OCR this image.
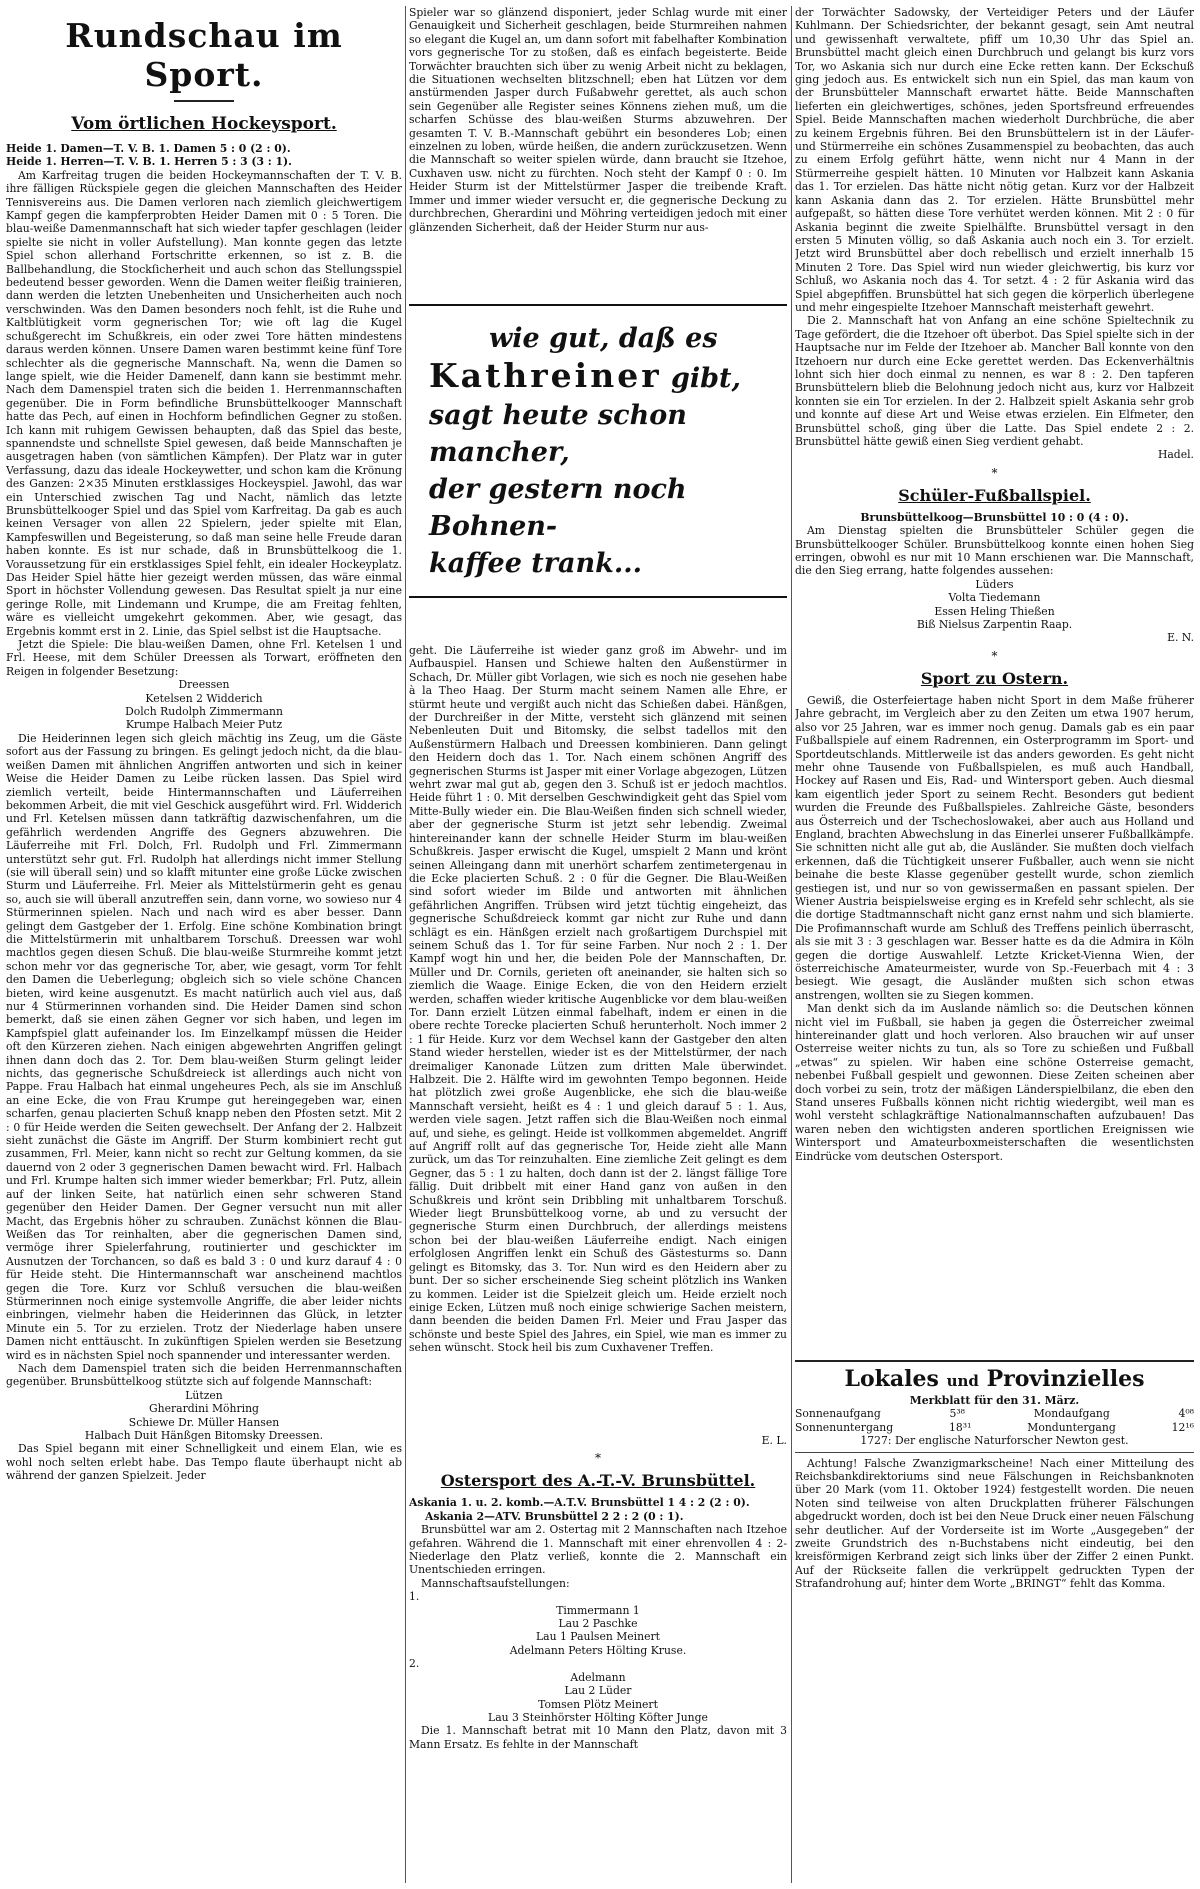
Rundschau im Sport.
Vom örtlichen Hockeysport.
Heide 1. Damen—T. V. B. 1. Damen 5 : 0 (2 : 0).
Heide 1. Herren—T. V. B. 1. Herren 5 : 3 (3 : 1).

Am Karfreitag trugen die beiden Hockeymannschaften der T. V. B. ihre fälligen Rückspiele gegen die gleichen Mannschaften des Heider Tennisvereins aus. Die Damen verloren nach ziemlich gleichwertigem Kampf gegen die kampferprobten Heider Damen mit 0 : 5 Toren. Die blau-weiße Damenmannschaft hat sich wieder tapfer geschlagen (leider spielte sie nicht in voller Aufstellung). Man konnte gegen das letzte Spiel schon allerhand Fortschritte erkennen, so ist z. B. die Ballbehandlung, die Stockſicherheit und auch schon das Stellungsspiel bedeutend besser geworden. Wenn die Damen weiter fleißig trainieren, dann werden die letzten Unebenheiten und Unsicherheiten auch noch verschwinden. Was den Damen besonders noch fehlt, ist die Ruhe und Kaltblütigkeit vorm gegnerischen Tor; wie oft lag die Kugel schußgerecht im Schußkreis, ein oder zwei Tore hätten mindestens daraus werden können. Unsere Damen waren bestimmt keine fünf Tore schlechter als die gegnerische Mannschaft. Na, wenn die Damen so lange spielt, wie die Heider Damenelf, dann kann sie bestimmt mehr. Nach dem Damenspiel traten sich die beiden 1. Herrenmannschaften gegenüber. Die in Form befindliche Brunsbüttelkooger Mannschaft hatte das Pech, auf einen in Hochform befindlichen Gegner zu stoßen. Ich kann mit ruhigem Gewissen behaupten, daß das Spiel das beste, spannendste und schnellste Spiel gewesen, daß beide Mannschaften je ausgetragen haben (von sämtlichen Kämpfen). Der Platz war in guter Verfassung, dazu das ideale Hockeywetter, und schon kam die Krönung des Ganzen: 2×35 Minuten erstklassiges Hockeyspiel. Jawohl, das war ein Unterschied zwischen Tag und Nacht, nämlich das letzte Brunsbüttelkooger Spiel und das Spiel vom Karfreitag. Da gab es auch keinen Versager von allen 22 Spielern, jeder spielte mit Elan, Kampfeswillen und Begeisterung, so daß man seine helle Freude daran haben konnte. Es ist nur schade, daß in Brunsbüttelkoog die 1. Voraussetzung für ein erstklassiges Spiel fehlt, ein idealer Hockeyplatz. Das Heider Spiel hätte hier gezeigt werden müssen, das wäre einmal Sport in höchster Vollendung gewesen. Das Resultat spielt ja nur eine geringe Rolle, mit Lindemann und Krumpe, die am Freitag fehlten, wäre es vielleicht umgekehrt gekommen. Aber, wie gesagt, das Ergebnis kommt erst in 2. Linie, das Spiel selbst ist die Hauptsache.

Jetzt die Spiele: Die blau-weißen Damen, ohne Frl. Ketelsen 1 und Frl. Heese, mit dem Schüler Dreessen als Torwart, eröffneten den Reigen in folgender Besetzung:

Dreessen
Ketelsen 2 Widderich
Dolch Rudolph Zimmermann
Krumpe Halbach Meier Putz

Die Heiderinnen legen sich gleich mächtig ins Zeug, um die Gäste sofort aus der Fassung zu bringen. Es gelingt jedoch nicht, da die blau-weißen Damen mit ähnlichen Angriffen antworten und sich in keiner Weise die Heider Damen zu Leibe rücken lassen. Das Spiel wird ziemlich verteilt, beide Hintermannschaften und Läuferreihen bekommen Arbeit, die mit viel Geschick ausgeführt wird. Frl. Widderich und Frl. Ketelsen müssen dann tatkräftig dazwischenfahren, um die gefährlich werdenden Angriffe des Gegners abzuwehren. Die Läuferreihe mit Frl. Dolch, Frl. Rudolph und Frl. Zimmermann unterstützt sehr gut. Frl. Rudolph hat allerdings nicht immer Stellung (sie will überall sein) und so klafft mitunter eine große Lücke zwischen Sturm und Läuferreihe. Frl. Meier als Mittelstürmerin geht es genau so, auch sie will überall anzutreffen sein, dann vorne, wo sowieso nur 4 Stürmerinnen spielen. Nach und nach wird es aber besser. Dann gelingt dem Gastgeber der 1. Erfolg. Eine schöne Kombination bringt die Mittelstürmerin mit unhaltbarem Torschuß. Dreessen war wohl machtlos gegen diesen Schuß. Die blau-weiße Sturmreihe kommt jetzt schon mehr vor das gegnerische Tor, aber, wie gesagt, vorm Tor fehlt den Damen die Ueberlegung; obgleich sich so viele schöne Chancen bieten, wird keine ausgenutzt. Es macht natürlich auch viel aus, daß nur 4 Stürmerinnen vorhanden sind. Die Heider Damen sind schon bemerkt, daß sie einen zähen Gegner vor sich haben, und legen im Kampfspiel glatt aufeinander los. Im Einzelkampf müssen die Heider oft den Kürzeren ziehen. Nach einigen abgewehrten Angriffen gelingt ihnen dann doch das 2. Tor. Dem blau-weißen Sturm gelingt leider nichts, das gegnerische Schußdreieck ist allerdings auch nicht von Pappe. Frau Halbach hat einmal ungeheures Pech, als sie im Anschluß an eine Ecke, die von Frau Krumpe gut hereingegeben war, einen scharfen, genau placierten Schuß knapp neben den Pfosten setzt. Mit 2 : 0 für Heide werden die Seiten gewechselt. Der Anfang der 2. Halbzeit sieht zunächst die Gäste im Angriff. Der Sturm kombiniert recht gut zusammen, Frl. Meier, kann nicht so recht zur Geltung kommen, da sie dauernd von 2 oder 3 gegnerischen Damen bewacht wird. Frl. Halbach und Frl. Krumpe halten sich immer wieder bemerkbar; Frl. Putz, allein auf der linken Seite, hat natürlich einen sehr schweren Stand gegenüber den Heider Damen. Der Gegner versucht nun mit aller Macht, das Ergebnis höher zu schrauben. Zunächst können die Blau-Weißen das Tor reinhalten, aber die gegnerischen Damen sind, vermöge ihrer Spielerfahrung, routinierter und geschickter im Ausnutzen der Torchancen, so daß es bald 3 : 0 und kurz darauf 4 : 0 für Heide steht. Die Hintermannschaft war anscheinend machtlos gegen die Tore. Kurz vor Schluß versuchen die blau-weißen Stürmerinnen noch einige systemvolle Angriffe, die aber leider nichts einbringen, vielmehr haben die Heiderinnen das Glück, in letzter Minute ein 5. Tor zu erzielen. Trotz der Niederlage haben unsere Damen nicht enttäuscht. In zukünftigen Spielen werden sie Besetzung wird es in nächsten Spiel noch spannender und interessanter werden.

Nach dem Damenspiel traten sich die beiden Herrenmannschaften gegenüber. Brunsbüttelkoog stützte sich auf folgende Mannschaft:

Lützen
Gherardini Möhring
Schiewe Dr. Müller Hansen
Halbach Duit Hänßgen Bitomsky Dreessen.

Das Spiel begann mit einer Schnelligkeit und einem Elan, wie es wohl noch selten erlebt habe. Das Tempo flaute überhaupt nicht ab während der ganzen Spielzeit. Jeder

Spieler war so glänzend disponiert, jeder Schlag wurde mit einer Genauigkeit und Sicherheit geschlagen, beide Sturmreihen nahmen so elegant die Kugel an, um dann sofort mit fabelhafter Kombination vors gegnerische Tor zu stoßen, daß es einfach begeisterte. Beide Torwächter brauchten sich über zu wenig Arbeit nicht zu beklagen, die Situationen wechselten blitzschnell; eben hat Lützen vor dem anstürmenden Jasper durch Fußabwehr gerettet, als auch schon sein Gegenüber alle Register seines Könnens ziehen muß, um die scharfen Schüsse des blau-weißen Sturms abzuwehren. Der gesamten T. V. B.-Mannschaft gebührt ein besonderes Lob; einen einzelnen zu loben, würde heißen, die andern zurückzusetzen. Wenn die Mannschaft so weiter spielen würde, dann braucht sie Itzehoe, Cuxhaven usw. nicht zu fürchten. Noch steht der Kampf 0 : 0. Im Heider Sturm ist der Mittelstürmer Jasper die treibende Kraft. Immer und immer wieder versucht er, die gegnerische Deckung zu durchbrechen, Gherardini und Möhring verteidigen jedoch mit einer glänzenden Sicherheit, daß der Heider Sturm nur aus-

wie gut, daß es
Kathreiner gibt,
sagt heute schon mancher,
der gestern noch Bohnen-
kaffee trank...

geht. Die Läuferreihe ist wieder ganz groß im Abwehr- und im Aufbauspiel. Hansen und Schiewe halten den Außenstürmer in Schach, Dr. Müller gibt Vorlagen, wie sich es noch nie gesehen habe à la Theo Haag. Der Sturm macht seinem Namen alle Ehre, er stürmt heute und vergißt auch nicht das Schießen dabei. Hänßgen, der Durchreißer in der Mitte, versteht sich glänzend mit seinen Nebenleuten Duit und Bitomsky, die selbst tadellos mit den Außenstürmern Halbach und Dreessen kombinieren. Dann gelingt den Heidern doch das 1. Tor. Nach einem schönen Angriff des gegnerischen Sturms ist Jasper mit einer Vorlage abgezogen, Lützen wehrt zwar mal gut ab, gegen den 3. Schuß ist er jedoch machtlos. Heide führt 1 : 0. Mit derselben Geschwindigkeit geht das Spiel vom Mitte-Bully wieder ein. Die Blau-Weißen finden sich schnell wieder, aber der gegnerische Sturm ist jetzt sehr lebendig. Zweimal hintereinander kann der schnelle Heider Sturm im blau-weißen Schußkreis. Jasper erwischt die Kugel, umspielt 2 Mann und krönt seinen Alleingang dann mit unerhört scharfem zentimetergenau in die Ecke placierten Schuß. 2 : 0 für die Gegner. Die Blau-Weißen sind sofort wieder im Bilde und antworten mit ähnlichen gefährlichen Angriffen. Trübsen wird jetzt tüchtig eingeheizt, das gegnerische Schußdreieck kommt gar nicht zur Ruhe und dann schlägt es ein. Hänßgen erzielt nach großartigem Durchspiel mit seinem Schuß das 1. Tor für seine Farben. Nur noch 2 : 1. Der Kampf wogt hin und her, die beiden Pole der Mannschaften, Dr. Müller und Dr. Cornils, gerieten oft aneinander, sie halten sich so ziemlich die Waage. Einige Ecken, die von den Heidern erzielt werden, schaffen wieder kritische Augenblicke vor dem blau-weißen Tor. Dann erzielt Lützen einmal fabelhaft, indem er einen in die obere rechte Torecke placierten Schuß herunterholt. Noch immer 2 : 1 für Heide. Kurz vor dem Wechsel kann der Gastgeber den alten Stand wieder herstellen, wieder ist es der Mittelstürmer, der nach dreimaliger Kanonade Lützen zum dritten Male überwindet. Halbzeit. Die 2. Hälfte wird im gewohnten Tempo begonnen. Heide hat plötzlich zwei große Augenblicke, ehe sich die blau-weiße Mannschaft versieht, heißt es 4 : 1 und gleich darauf 5 : 1. Aus, werden viele sagen. Jetzt raffen sich die Blau-Weißen noch einmal auf, und siehe, es gelingt. Heide ist vollkommen abgemeldet. Angriff auf Angriff rollt auf das gegnerische Tor, Heide zieht alle Mann zurück, um das Tor reinzuhalten. Eine ziemliche Zeit gelingt es dem Gegner, das 5 : 1 zu halten, doch dann ist der 2. längst fällige Tore fällig. Duit dribbelt mit einer Hand ganz von außen in den Schußkreis und krönt sein Dribbling mit unhaltbarem Torschuß. Wieder liegt Brunsbüttelkoog vorne, ab und zu versucht der gegnerische Sturm einen Durchbruch, der allerdings meistens schon bei der blau-weißen Läuferreihe endigt. Nach einigen erfolglosen Angriffen lenkt ein Schuß des Gästesturms so. Dann gelingt es Bitomsky, das 3. Tor. Nun wird es den Heidern aber zu bunt. Der so sicher erscheinende Sieg scheint plötzlich ins Wanken zu kommen. Leider ist die Spielzeit gleich um. Heide erzielt noch einige Ecken, Lützen muß noch einige schwierige Sachen meistern, dann beenden die beiden Damen Frl. Meier und Frau Jasper das schönste und beste Spiel des Jahres, ein Spiel, wie man es immer zu sehen wünscht. Stock heil bis zum Cuxhavener Treffen.

E. L.
*
Ostersport des A.-T.-V. Brunsbüttel.
Askania 1. u. 2. komb.—A.T.V. Brunsbüttel 1 4 : 2 (2 : 0).
Askania 2—ATV. Brunsbüttel 2 2 : 2 (0 : 1).

Brunsbüttel war am 2. Ostertag mit 2 Mannschaften nach Itzehoe gefahren. Während die 1. Mannschaft mit einer ehrenvollen 4 : 2-Niederlage den Platz verließ, konnte die 2. Mannschaft ein Unentschieden erringen.

Mannschaftsaufstellungen:

1.
Timmermann 1
Lau 2 Paschke
Lau 1 Paulsen Meinert
Adelmann Peters Hölting Kruse.
2.
Adelmann
Lau 2 Lüder
Tomsen Plötz Meinert
Lau 3 Steinhörster Hölting Köfter Junge

Die 1. Mannschaft betrat mit 10 Mann den Platz, davon mit 3 Mann Ersatz. Es fehlte in der Mannschaft

der Torwächter Sadowsky, der Verteidiger Peters und der Läufer Kuhlmann. Der Schiedsrichter, der bekannt gesagt, sein Amt neutral und gewissenhaft verwaltete, pfiff um 10,30 Uhr das Spiel an. Brunsbüttel macht gleich einen Durchbruch und gelangt bis kurz vors Tor, wo Askania sich nur durch eine Ecke retten kann. Der Eckschuß ging jedoch aus. Es entwickelt sich nun ein Spiel, das man kaum von der Brunsbütteler Mannschaft erwartet hätte. Beide Mannschaften lieferten ein gleichwertiges, schönes, jeden Sportsfreund erfreuendes Spiel. Beide Mannschaften machen wiederholt Durchbrüche, die aber zu keinem Ergebnis führen. Bei den Brunsbüttelern ist in der Läufer- und Stürmerreihe ein schönes Zusammenspiel zu beobachten, das auch zu einem Erfolg geführt hätte, wenn nicht nur 4 Mann in der Stürmerreihe gespielt hätten. 10 Minuten vor Halbzeit kann Askania das 1. Tor erzielen. Das hätte nicht nötig getan. Kurz vor der Halbzeit kann Askania dann das 2. Tor erzielen. Hätte Brunsbüttel mehr aufgepaßt, so hätten diese Tore verhütet werden können. Mit 2 : 0 für Askania beginnt die zweite Spielhälfte. Brunsbüttel versagt in den ersten 5 Minuten völlig, so daß Askania auch noch ein 3. Tor erzielt. Jetzt wird Brunsbüttel aber doch rebellisch und erzielt innerhalb 15 Minuten 2 Tore. Das Spiel wird nun wieder gleichwertig, bis kurz vor Schluß, wo Askania noch das 4. Tor setzt. 4 : 2 für Askania wird das Spiel abgepfiffen. Brunsbüttel hat sich gegen die körperlich überlegene und mehr eingespielte Itzehoer Mannschaft meisterhaft gewehrt.

Die 2. Mannschaft hat von Anfang an eine schöne Spieltechnik zu Tage gefördert, die die Itzehoer oft überbot. Das Spiel spielte sich in der Hauptsache nur im Felde der Itzehoer ab. Mancher Ball konnte von den Itzehoern nur durch eine Ecke gerettet werden. Das Eckenverhältnis lohnt sich hier doch einmal zu nennen, es war 8 : 2. Den tapferen Brunsbüttelern blieb die Belohnung jedoch nicht aus, kurz vor Halbzeit konnten sie ein Tor erzielen. In der 2. Halbzeit spielt Askania sehr grob und konnte auf diese Art und Weise etwas erzielen. Ein Elfmeter, den Brunsbüttel schoß, ging über die Latte. Das Spiel endete 2 : 2. Brunsbüttel hätte gewiß einen Sieg verdient gehabt.

Hadel.
*
Schüler-Fußballspiel.
Brunsbüttelkoog—Brunsbüttel 10 : 0 (4 : 0).

Am Dienstag spielten die Brunsbütteler Schüler gegen die Brunsbüttelkooger Schüler. Brunsbüttelkoog konnte einen hohen Sieg erringen, obwohl es nur mit 10 Mann erschienen war. Die Mannschaft, die den Sieg errang, hatte folgendes aussehen:

Lüders
Volta Tiedemann
Essen Heling Thießen
Biß Nielsus Zarpentin Raap.
E. N.
*
Sport zu Ostern.

Gewiß, die Osterfeiertage haben nicht Sport in dem Maße früherer Jahre gebracht, im Vergleich aber zu den Zeiten um etwa 1907 herum, also vor 25 Jahren, war es immer noch genug. Damals gab es ein paar Fußballspiele auf einem Radrennen, ein Osterprogramm im Sport- und Sportdeutschlands. Mittlerweile ist das anders geworden. Es geht nicht mehr ohne Tausende von Fußballspielen, es muß auch Handball, Hockey auf Rasen und Eis, Rad- und Wintersport geben. Auch diesmal kam eigentlich jeder Sport zu seinem Recht. Besonders gut bedient wurden die Freunde des Fußballspieles. Zahlreiche Gäste, besonders aus Österreich und der Tschechoslowakei, aber auch aus Holland und England, brachten Abwechslung in das Einerlei unserer Fußballkämpfe. Sie schnitten nicht alle gut ab, die Ausländer. Sie mußten doch vielfach erkennen, daß die Tüchtigkeit unserer Fußballer, auch wenn sie nicht beinahe die beste Klasse gegenüber gestellt wurde, schon ziemlich gestiegen ist, und nur so von gewissermaßen en passant spielen. Der Wiener Austria beispielsweise erging es in Krefeld sehr schlecht, als sie die dortige Stadtmannschaft nicht ganz ernst nahm und sich blamierte. Die Profimannschaft wurde am Schluß des Treffens peinlich überrascht, als sie mit 3 : 3 geschlagen war. Besser hatte es da die Admira in Köln gegen die dortige Auswahlelf. Letzte Kricket-Vienna Wien, der österreichische Amateurmeister, wurde von Sp.-Feuerbach mit 4 : 3 besiegt. Wie gesagt, die Ausländer mußten sich schon etwas anstrengen, wollten sie zu Siegen kommen.

Man denkt sich da im Auslande nämlich so: die Deutschen können nicht viel im Fußball, sie haben ja gegen die Österreicher zweimal hintereinander glatt und hoch verloren. Also brauchen wir auf unser Osterreise weiter nichts zu tun, als so Tore zu schießen und Fußball „etwas“ zu spielen. Wir haben eine schöne Osterreise gemacht, nebenbei Fußball gespielt und gewonnen. Diese Zeiten scheinen aber doch vorbei zu sein, trotz der mäßigen Länderspielbilanz, die eben den Stand unseres Fußballs können nicht richtig wiedergibt, weil man es wohl versteht schlagkräftige Nationalmannschaften aufzubauen! Das waren neben den wichtigsten anderen sportlichen Ereignissen wie Wintersport und Amateurboxmeisterschaften die wesentlichsten Eindrücke vom deutschen Ostersport.

Lokales und Provinzielles
Merkblatt für den 31. März.
Sonnenaufgang	5³⁸	Mondaufgang	4⁰⁸
Sonnenuntergang	18³¹	Monduntergang	12¹⁶
1727: Der englische Naturforscher Newton gest.

Achtung! Falsche Zwanzigmarkscheine! Nach einer Mitteilung des Reichsbankdirektoriums sind neue Fälschungen in Reichsbanknoten über 20 Mark (vom 11. Oktober 1924) festgestellt worden. Die neuen Noten sind teilweise von alten Druckplatten früherer Fälschungen abgedruckt worden, doch ist bei den Neue Druck einer neuen Fälschung sehr deutlicher. Auf der Vorderseite ist im Worte „Ausgegeben“ der zweite Grundstrich des n-Buchstabens nicht eindeutig, bei den kreisförmigen Kerbrand zeigt sich links über der Ziffer 2 einen Punkt. Auf der Rückseite fallen die verkrüppelt gedruckten Typen der Strafandrohung auf; hinter dem Worte „BRINGT“ fehlt das Komma.
